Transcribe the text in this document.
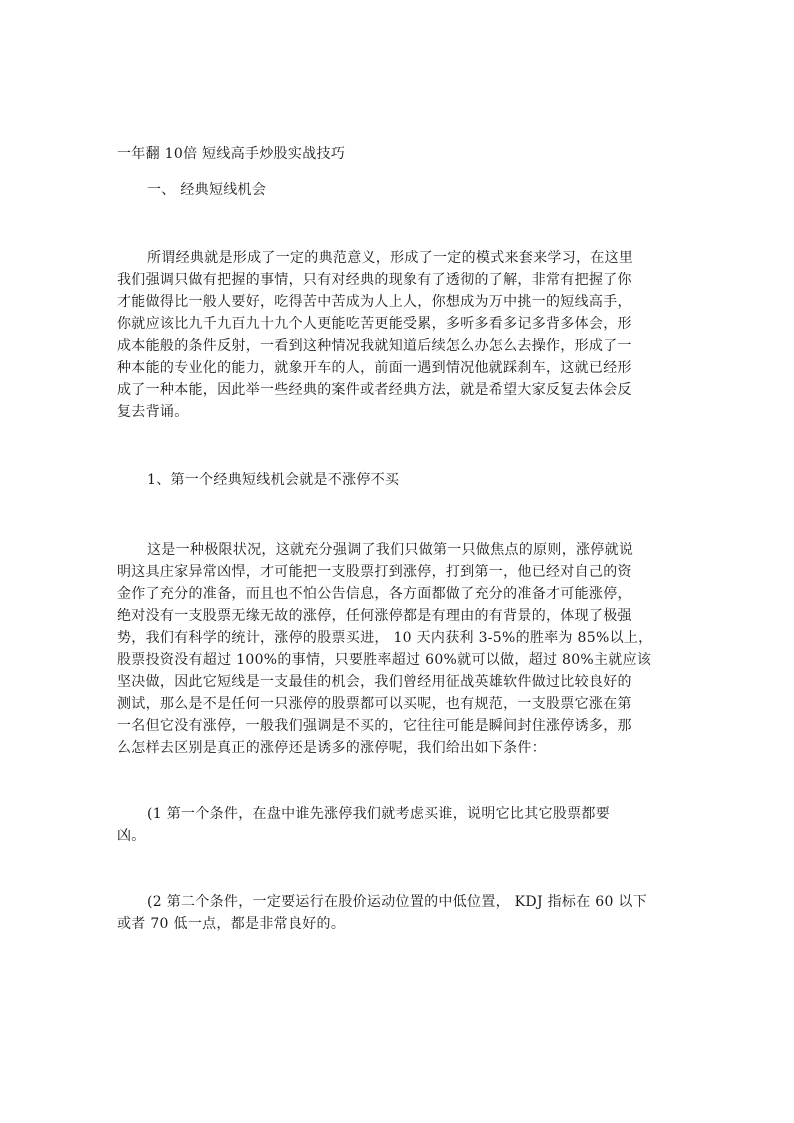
一年翻 10倍 短线高手炒股实战技巧
一、 经典短线机会
所谓经典就是形成了一定的典范意义，形成了一定的模式来套来学习，在这里
我们强调只做有把握的事情，只有对经典的现象有了透彻的了解，非常有把握了你
才能做得比一般人要好，吃得苦中苦成为人上人，你想成为万中挑一的短线高手，
你就应该比九千九百九十九个人更能吃苦更能受累，多听多看多记多背多体会，形
成本能般的条件反射，一看到这种情况我就知道后续怎么办怎么去操作，形成了一
种本能的专业化的能力，就象开车的人，前面一遇到情况他就踩刹车，这就已经形
成了一种本能，因此举一些经典的案件或者经典方法，就是希望大家反复去体会反
复去背诵。
1、第一个经典短线机会就是不涨停不买
这是一种极限状况，这就充分强调了我们只做第一只做焦点的原则，涨停就说
明这具庄家异常凶悍，才可能把一支股票打到涨停，打到第一，他已经对自己的资
金作了充分的准备，而且也不怕公告信息，各方面都做了充分的准备才可能涨停，
绝对没有一支股票无缘无故的涨停，任何涨停都是有理由的有背景的，体现了极强
势，我们有科学的统计，涨停的股票买进， 10 天内获利 3-5%的胜率为 85%以上，
股票投资没有超过 100%的事情，只要胜率超过 60%就可以做，超过 80%主就应该
坚决做，因此它短线是一支最佳的机会，我们曾经用征战英雄软件做过比较良好的
测试，那么是不是任何一只涨停的股票都可以买呢，也有规范，一支股票它涨在第
一名但它没有涨停，一般我们强调是不买的，它往往可能是瞬间封住涨停诱多，那
么怎样去区别是真正的涨停还是诱多的涨停呢，我们给出如下条件：
(1 第一个条件，在盘中谁先涨停我们就考虑买谁，说明它比其它股票都要
凶。
(2 第二个条件，一定要运行在股价运动位置的中低位置， KDJ 指标在 60 以下
或者 70 低一点，都是非常良好的。
